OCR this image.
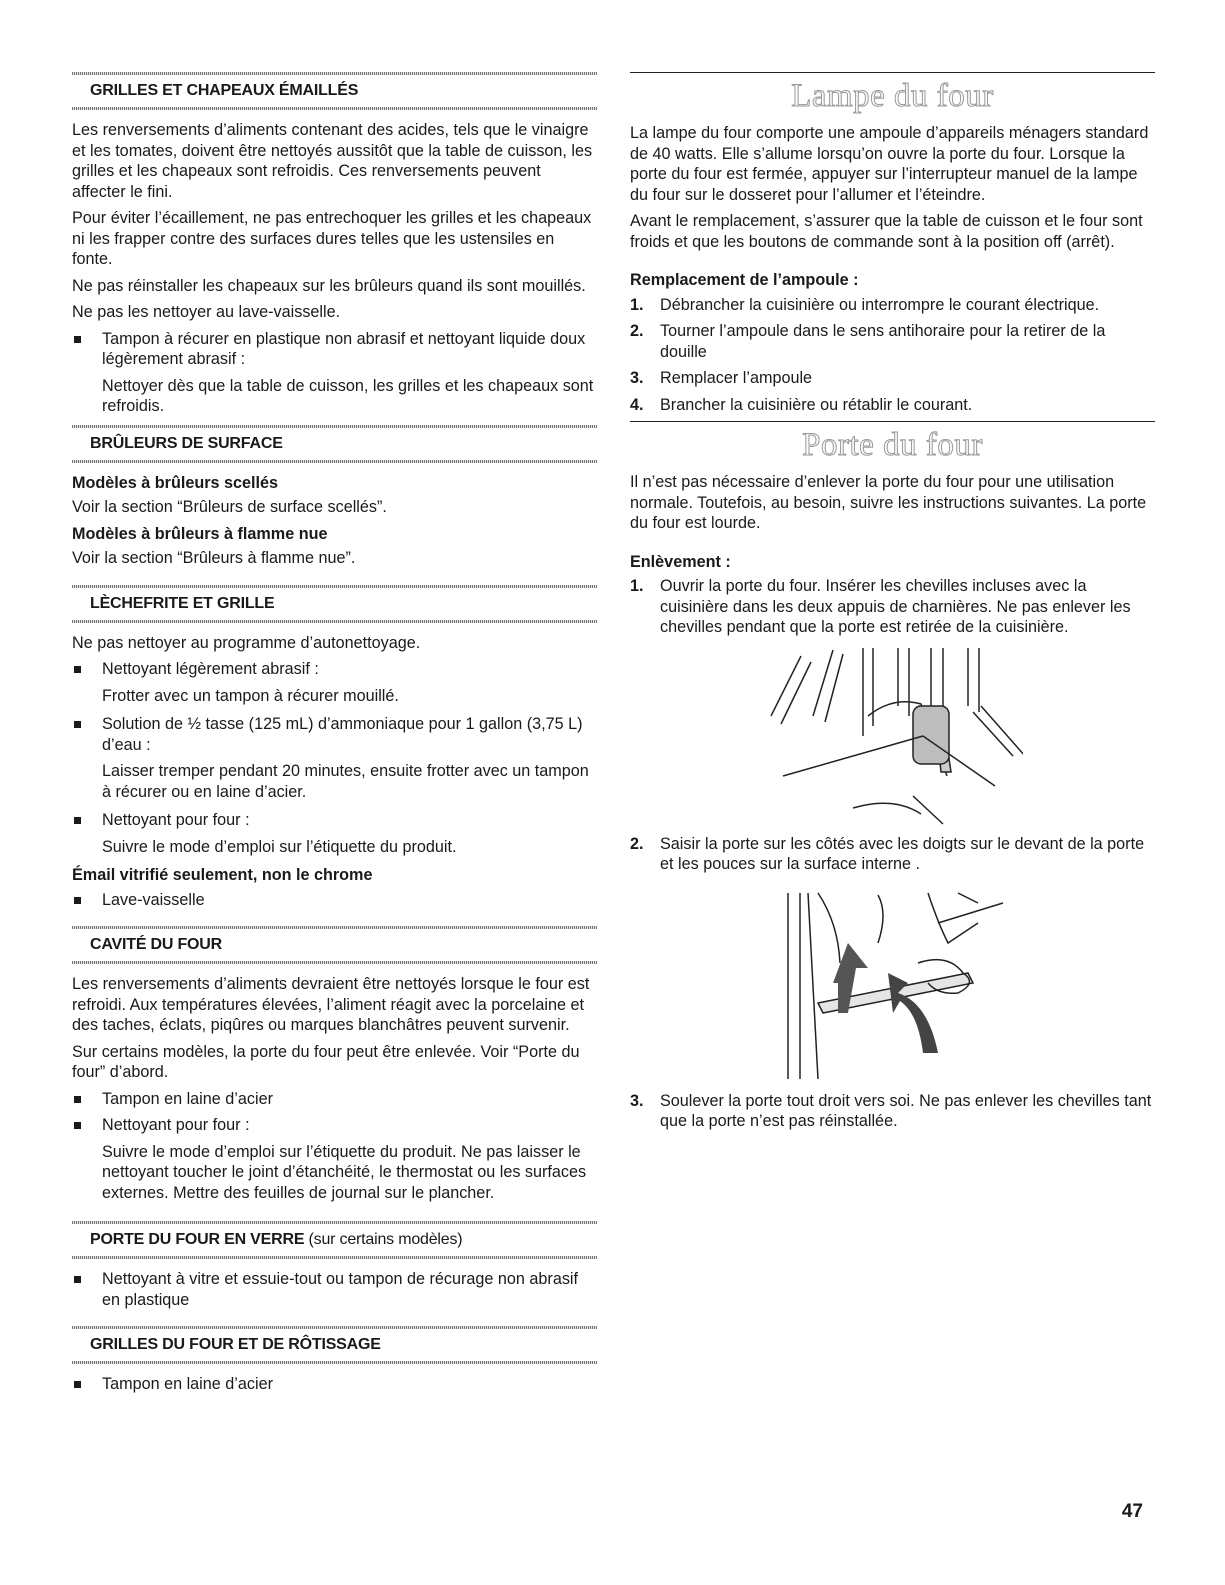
GRILLES ET CHAPEAUX ÉMAILLÉS

Les renversements d’aliments contenant des acides, tels que le vinaigre et les tomates, doivent être nettoyés aussitôt que la table de cuisson, les grilles et les chapeaux sont refroidis. Ces renversements peuvent affecter le fini.

Pour éviter l’écaillement, ne pas entrechoquer les grilles et les chapeaux ni les frapper contre des surfaces dures telles que les ustensiles en fonte.

Ne pas réinstaller les chapeaux sur les brûleurs quand ils sont mouillés.

Ne pas les nettoyer au lave-vaisselle.

Tampon à récurer en plastique non abrasif et nettoyant liquide doux légèrement abrasif :

Nettoyer dès que la table de cuisson, les grilles et les chapeaux sont refroidis.

BRÛLEURS DE SURFACE

Modèles à brûleurs scellés

Voir la section “Brûleurs de surface scellés”.

Modèles à brûleurs à flamme nue

Voir la section “Brûleurs à flamme nue”.

LÈCHEFRITE ET GRILLE

Ne pas nettoyer au programme d’autonettoyage.

Nettoyant légèrement abrasif :

Frotter avec un tampon à récurer mouillé.

Solution de ½ tasse (125 mL) d’ammoniaque pour 1 gallon (3,75 L) d’eau :

Laisser tremper pendant 20 minutes, ensuite frotter avec un tampon à récurer ou en laine d’acier.

Nettoyant pour four :

Suivre le mode d’emploi sur l’étiquette du produit.

Émail vitrifié seulement, non le chrome

Lave-vaisselle

CAVITÉ DU FOUR

Les renversements d’aliments devraient être nettoyés lorsque le four est refroidi. Aux températures élevées, l’aliment réagit avec la porcelaine et des taches, éclats, piqûres ou marques blanchâtres peuvent survenir.

Sur certains modèles, la porte du four peut être enlevée. Voir “Porte du four” d’abord.

Tampon en laine d’acier

Nettoyant pour four :

Suivre le mode d’emploi sur l’étiquette du produit. Ne pas laisser le nettoyant toucher le joint d’étanchéité, le thermostat ou les surfaces externes. Mettre des feuilles de journal sur le plancher.

PORTE DU FOUR EN VERRE (sur certains modèles)

Nettoyant à vitre et essuie-tout ou tampon de récurage non abrasif en plastique

GRILLES DU FOUR ET DE RÔTISSAGE

Tampon en laine d’acier

Lampe du four

La lampe du four comporte une ampoule d’appareils ménagers standard de 40 watts. Elle s’allume lorsqu’on ouvre la porte du four. Lorsque la porte du four est fermée, appuyer sur l’interrupteur manuel de la lampe du four sur le dosseret pour l’allumer et l’éteindre.

Avant le remplacement, s’assurer que la table de cuisson et le four sont froids et que les boutons de commande sont à la position off (arrêt).

Remplacement de l’ampoule :

1. Débrancher la cuisinière ou interrompre le courant électrique.

2. Tourner l’ampoule dans le sens antihoraire pour la retirer de la douille

3. Remplacer l’ampoule

4. Brancher la cuisinière ou rétablir le courant.

Porte du four

Il n’est pas nécessaire d’enlever la porte du four pour une utilisation normale. Toutefois, au besoin, suivre les instructions suivantes. La porte du four est lourde.

Enlèvement :

1. Ouvrir la porte du four. Insérer les chevilles incluses avec la cuisinière dans les deux appuis de charnières. Ne pas enlever les chevilles pendant que la porte est retirée de la cuisinière.

2. Saisir la porte sur les côtés avec les doigts sur le devant de la porte et les pouces sur la surface interne .

3. Soulever la porte tout droit vers soi. Ne pas enlever les chevilles tant que la porte n’est pas réinstallée.

47
